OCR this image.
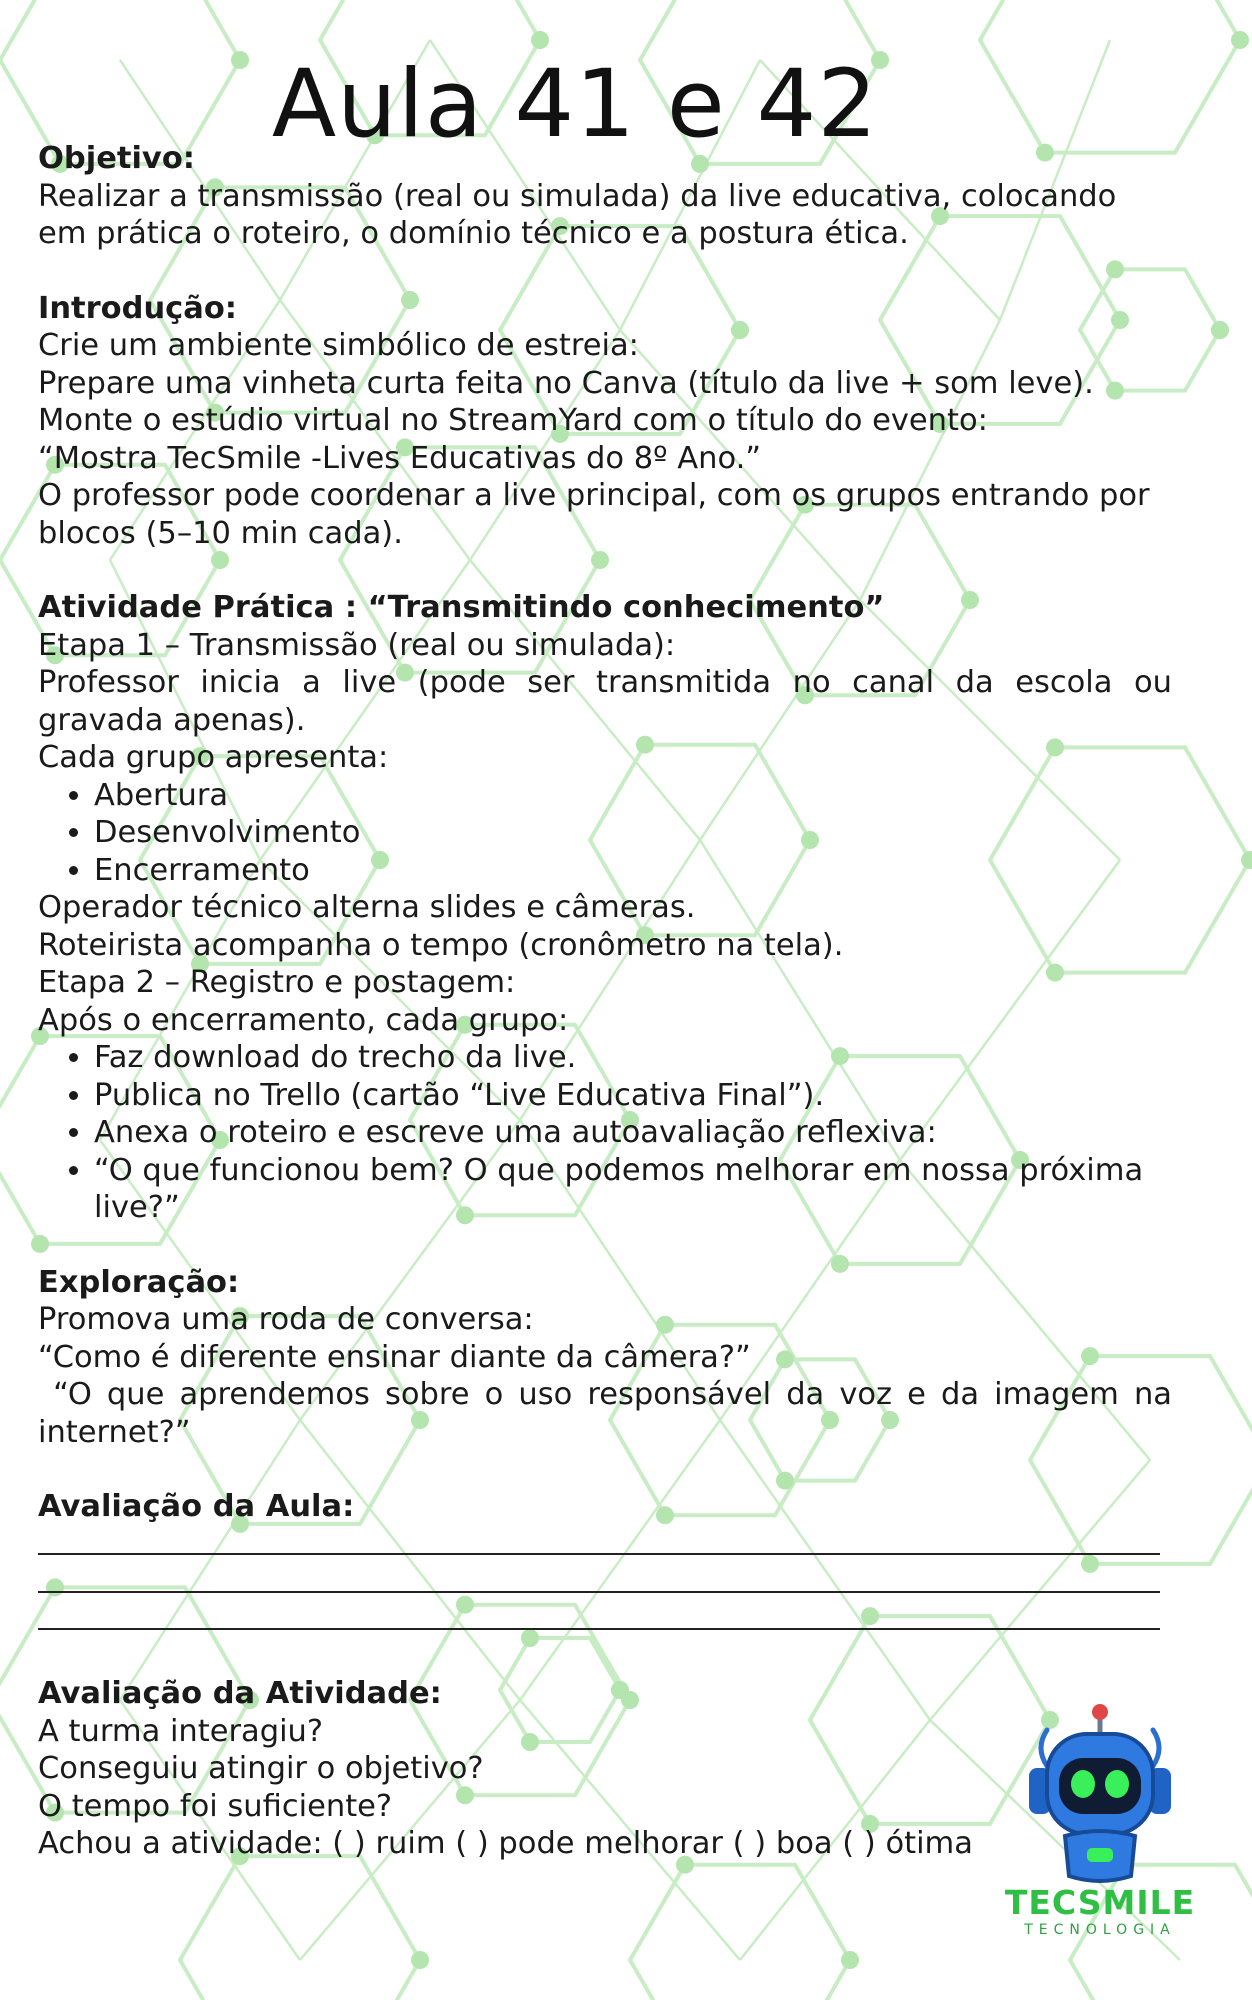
Aula 41 e 42
Objetivo:
Realizar a transmissão (real ou simulada) da live educativa, colocando em prática o roteiro, o domínio técnico e a postura ética.
Introdução:
Crie um ambiente simbólico de estreia:
Prepare uma vinheta curta feita no Canva (título da live + som leve).
Monte o estúdio virtual no StreamYard com o título do evento:
“Mostra TecSmile -Lives Educativas do 8º Ano.”
O professor pode coordenar a live principal, com os grupos entrando por blocos (5–10 min cada).
Atividade Prática : “Transmitindo conhecimento”
Etapa 1 – Transmissão (real ou simulada):
Professor inicia a live (pode ser transmitida no canal da escola ou gravada apenas).
Cada grupo apresenta:
• Abertura
• Desenvolvimento
• Encerramento
Operador técnico alterna slides e câmeras.
Roteirista acompanha o tempo (cronômetro na tela).
Etapa 2 – Registro e postagem:
Após o encerramento, cada grupo:
• Faz download do trecho da live.
• Publica no Trello (cartão “Live Educativa Final”).
• Anexa o roteiro e escreve uma autoavaliação reflexiva:
• “O que funcionou bem? O que podemos melhorar em nossa próxima live?”
Exploração:
Promova uma roda de conversa:
“Como é diferente ensinar diante da câmera?”
“O que aprendemos sobre o uso responsável da voz e da imagem na internet?”
Avaliação da Aula:
Avaliação da Atividade:
A turma interagiu?
Conseguiu atingir o objetivo?
O tempo foi suficiente?
Achou a atividade: ( ) ruim ( ) pode melhorar ( ) boa ( ) ótima
TECSMILE
TECNOLOGIA
